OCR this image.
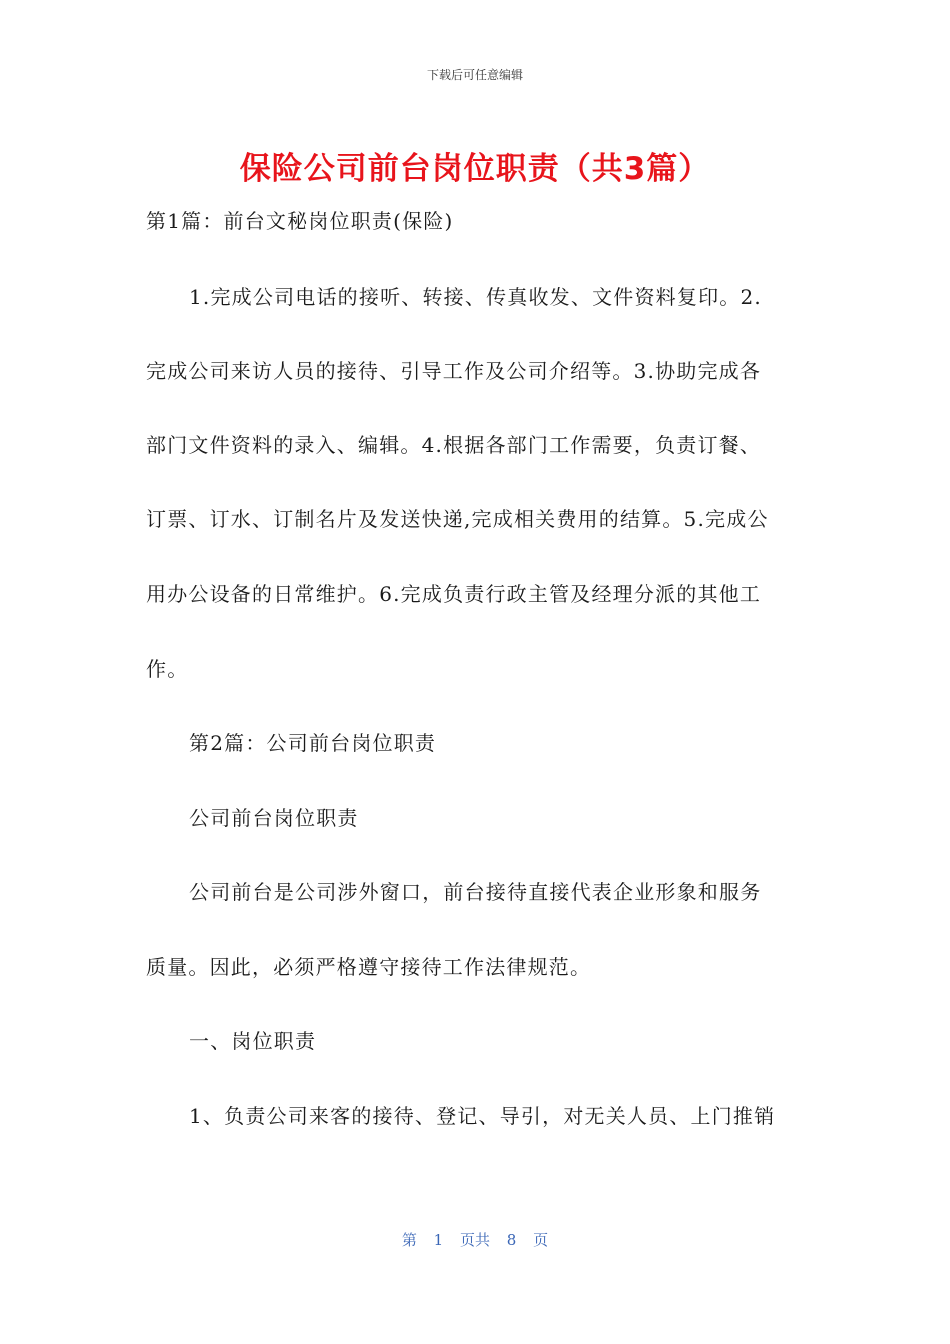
下载后可任意编辑
保险公司前台岗位职责（共3篇）
第1篇：前台文秘岗位职责(保险)
1.完成公司电话的接听、转接、传真收发、文件资料复印。2.
完成公司来访人员的接待、引导工作及公司介绍等。3.协助完成各
部门文件资料的录入、编辑。4.根据各部门工作需要，负责订餐、
订票、订水、订制名片及发送快递,完成相关费用的结算。5.完成公
用办公设备的日常维护。6.完成负责行政主管及经理分派的其他工
作。
第2篇：公司前台岗位职责
公司前台岗位职责
公司前台是公司涉外窗口，前台接待直接代表企业形象和服务
质量。因此，必须严格遵守接待工作法律规范。
一、岗位职责
1、负责公司来客的接待、登记、导引，对无关人员、上门推销
第 1 页共 8 页
